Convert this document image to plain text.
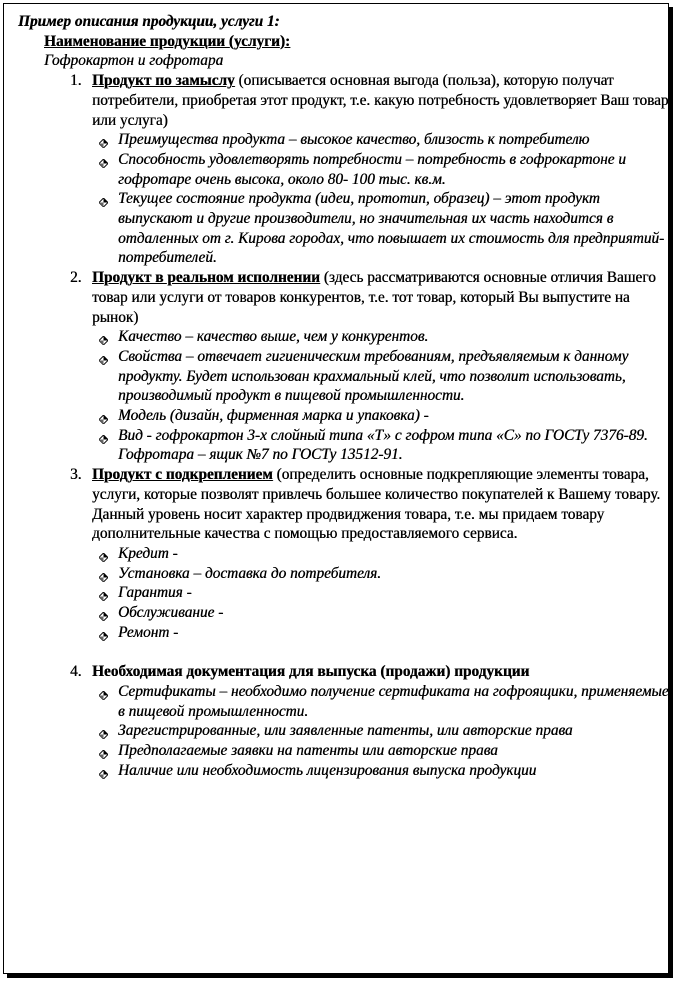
Пример описания продукции, услуги 1:
Наименование продукции (услуги):
Гофрокартон и гофротара
1. Продукт по замыслу (описывается основная выгода (польза), которую получат потребители, приобретая этот продукт, т.е. какую потребность удовлетворяет Ваш товар или услуга)
Преимущества продукта – высокое качество, близость к потребителю
Способность удовлетворять потребности – потребность в гофрокартоне и гофротаре очень высока, около 80- 100 тыс. кв.м.
Текущее состояние продукта (идеи, прототип, образец) – этот продукт выпускают и другие производители, но значительная их часть находится в отдаленных от г. Кирова городах, что повышает их стоимость для предприятий-потребителей.
2. Продукт в реальном исполнении (здесь рассматриваются основные отличия Вашего товар или услуги от товаров конкурентов, т.е. тот товар, который Вы выпустите на рынок)
Качество – качество выше, чем у конкурентов.
Свойства – отвечает гигиеническим требованиям, предъявляемым к данному продукту. Будет использован крахмальный клей, что позволит использовать, производимый продукт в пищевой промышленности.
Модель (дизайн, фирменная марка и упаковка) -
Вид - гофрокартон 3-х слойный типа «Т» с гофром типа «С» по ГОСТу 7376-89. Гофротара – ящик №7 по ГОСТу 13512-91.
3. Продукт с подкреплением (определить основные подкрепляющие элементы товара, услуги, которые позволят привлечь большее количество покупателей к Вашему товару. Данный уровень носит характер продвиджения товара, т.е. мы придаем товару дополнительные качества с помощью предоставляемого сервиса.
Кредит -
Установка – доставка до потребителя.
Гарантия -
Обслуживание -
Ремонт -
4. Необходимая документация для выпуска (продажи) продукции
Сертификаты – необходимо получение сертификата на гофроящики, применяемые в пищевой промышленности.
Зарегистрированные, или заявленные патенты, или авторские права
Предполагаемые заявки на патенты или авторские права
Наличие или необходимость лицензирования выпуска продукции
